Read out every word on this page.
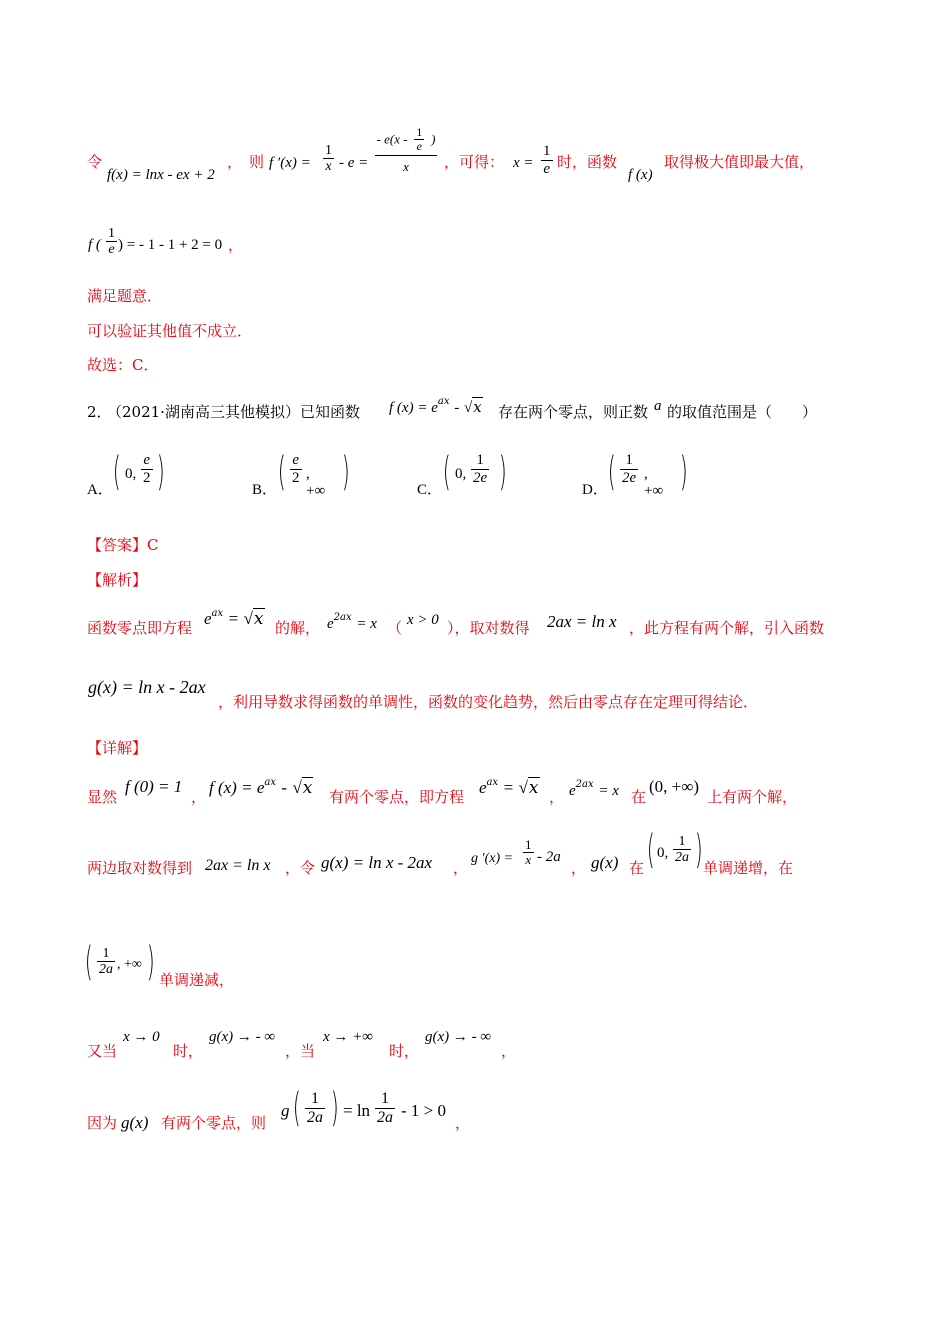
令
f(x) = lnx - ex + 2
， 则 f $'(x) = \frac{1}{x} - e$ =
- $e(x - \frac{1}{e}$ )
x	，可得： $x = \frac{1}{e}$ 时，函数
f (x)
取得极大值即最大值，
f ( $\frac{1}{e}$ ) = - 1 - 1 + 2 = 0 ，
满足题意．
可以验证其他值不成立．
故选：C．
2．
（2021·湖南高三其他模拟）已知函数 f $(x) = e^{ax} - √x$ 存在两个零点，则正数 a 的取值范围是（　　）
A． ( 0, $\frac{e}{2}$ )	B． ( $\frac{e}{2}$ , +∞ )	C． ( 0, $\frac{1}{2e}$ )	D． ( $\frac{1}{2e}$ , +∞ )
【答案】C
【解析】
函数零点即方程 $e^{ax} = √x$ 的解， $e^{2ax} = x$ （ x > 0 ），取对数得 2ax = ln x ，此方程有两个解，引入函数
g(x) = ln x - 2ax
，利用导数求得函数的单调性，函数的变化趋势，然后由零点存在定理可得结论．
【详解】
显然
f (0) = 1
， f $(x) = e^{ax} - √x$ 有两个零点，即方程 $e^{ax} = √x$ ， $e^{2ax} = x$ 在
(0, +∞)
上有两个解，
两边取对数得到 2ax = ln x ，令 g(x) = ln x - 2ax ，
g $'(x) = \frac{1}{x} - 2a$
， g(x) 在 ( 0, $\frac{1}{2a}$ ) 单调递增，在
( $\frac{1}{2a}$ , +∞ ) 单调递减，
又当
x → 0
时，
g(x) → - ∞
，当
x → +∞
时，
g(x) → - ∞
，
因为 g(x) 有两个零点，则
g ( $\frac{1}{2a}$ ) = $\ln \frac{1}{2a} - 1 > 0$
，
